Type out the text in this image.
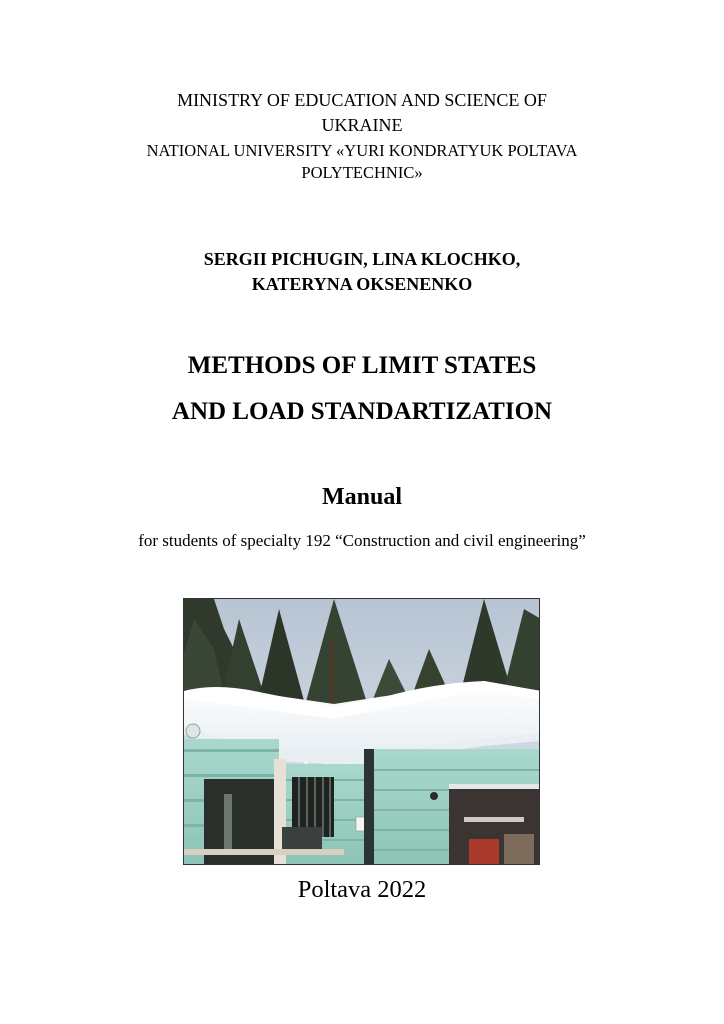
MINISTRY OF EDUCATION AND SCIENCE OF
UKRAINE
NATIONAL UNIVERSITY «YURI KONDRATYUK POLTAVA
POLYTECHNIC»
SERGII PICHUGIN, LINA KLOCHKO,
KATERYNA OKSENENKO
METHODS OF LIMIT STATES
AND LOAD STANDARTIZATION
Manual
for students of specialty 192 “Construction and civil engineering”
Poltava 2022
